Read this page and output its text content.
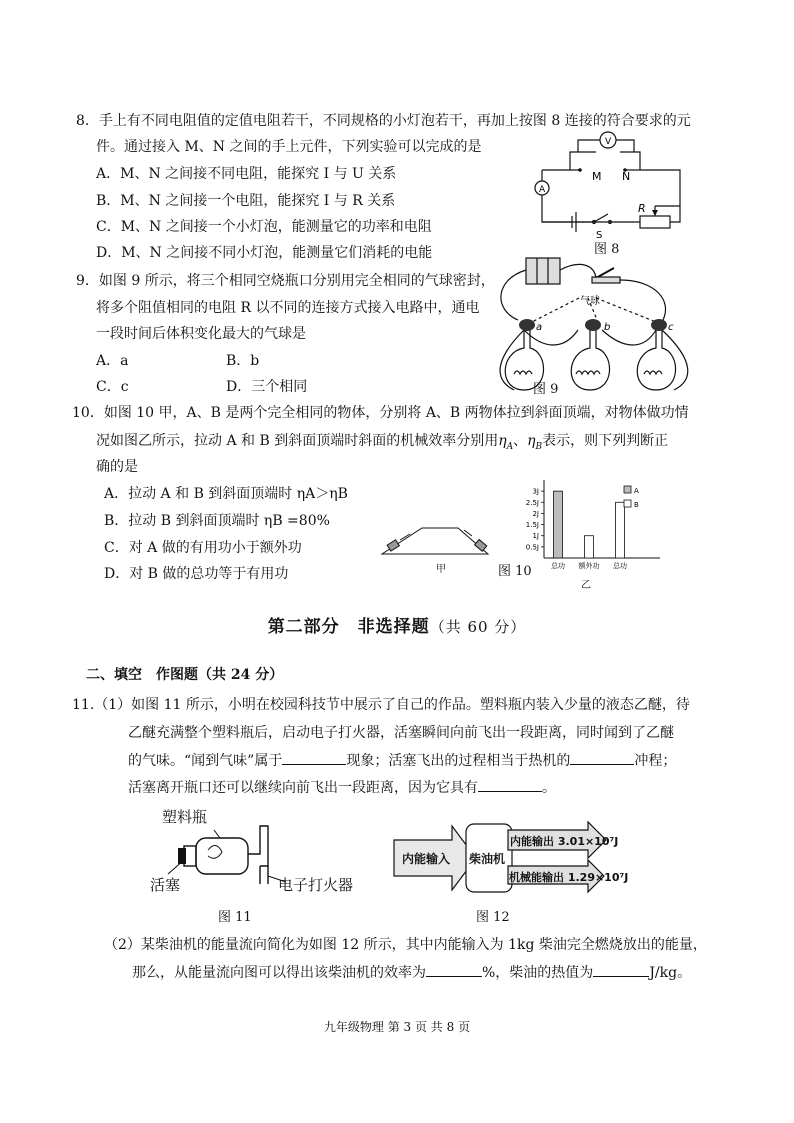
8．手上有不同电阻值的定值电阻若干，不同规格的小灯泡若干，再加上按图 8 连接的符合要求的元
件。通过接入 M、N 之间的手上元件，下列实验可以完成的是
A．M、N 之间接不同电阻，能探究 I 与 U 关系
B．M、N 之间接一个电阻，能探究 I 与 R 关系
C．M、N 之间接一个小灯泡，能测量它的功率和电阻
D．M、N 之间接不同小灯泡，能测量它们消耗的电能
V
A
M N
R
S
图 8
9．如图 9 所示，将三个相同空烧瓶口分别用完全相同的气球密封，
将多个阻值相同的电阻 R 以不同的连接方式接入电路中，通电
一段时间后体积变化最大的气球是
A．a	B．b
C．c	D．三个相同
气球
a	b	c
图 9
10．如图 10 甲，A、B 是两个完全相同的物体，分别将 A、B 两物体拉到斜面顶端，对物体做功情
况如图乙所示，拉动 A 和 B 到斜面顶端时斜面的机械效率分别用$\eta_A$、$\eta_B$表示，则下列判断正
确的是
A．拉动 A 和 B 到斜面顶端时 ηA＞ηB
B．拉动 B 到斜面顶端时 ηB =80%
C．对 A 做的有用功小于额外功
D．对 B 做的总功等于有用功	甲
3J
2.5J
2J
1.5J
1J
0.5J
总功 额外功 总功
A
B
图 10
乙
第二部分　非选择题（共 60 分）
二、填空　作图题（共 24 分）
11.（1）如图 11 所示，小明在校园科技节中展示了自己的作品。塑料瓶内装入少量的液态乙醚，待
乙醚充满整个塑料瓶后，启动电子打火器，活塞瞬间向前飞出一段距离，同时闻到了乙醚
的气味。“闻到气味”属于	现象；活塞飞出的过程相当于热机的	冲程；
活塞离开瓶口还可以继续向前飞出一段距离，因为它具有	。
塑料瓶
活塞	电子打火器
图 11
内能输入 柴油机
内能输出 3.01×10⁷J
机械能输出 1.29×10⁷J
图 12
（2）某柴油机的能量流向简化为如图 12 所示，其中内能输入为 1kg 柴油完全燃烧放出的能量，
那么，从能量流向图可以得出该柴油机的效率为	%，柴油的热值为	J/kg。
九年级物理 第 3 页 共 8 页
